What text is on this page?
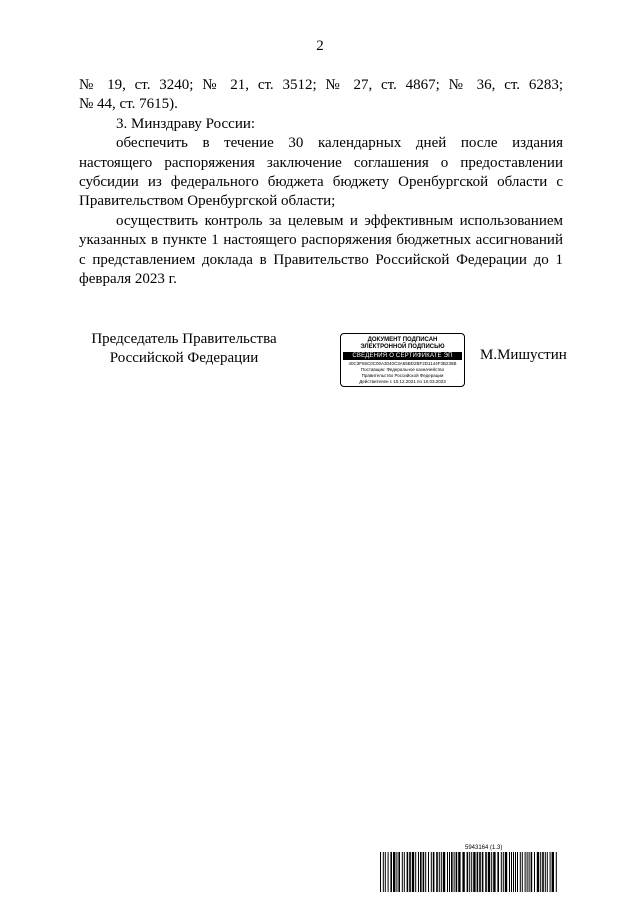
2

№ 19, ст. 3240; № 21, ст. 3512; № 27, ст. 4867; № 36, ст. 6283;

№ 44, ст. 7615).

3. Минздраву России:

обеспечить в течение 30 календарных дней после издания настоящего распоряжения заключение соглашения о предоставлении субсидии из федерального бюджета бюджету Оренбургской области с Правительством Оренбургской области;

осуществить контроль за целевым и эффективным использованием указанных в пункте 1 настоящего распоряжения бюджетных ассигнований с представлением доклада в Правительство Российской Федерации до 1 февраля 2023 г.

Председатель Правительства
Российской Федерации
ДОКУМЕНТ ПОДПИСАН
ЭЛЕКТРОННОЙ ПОДПИСЬЮ
СВЕДЕНИЯ О СЕРТИФИКАТЕ ЭП
40C3F65C0C00A3040C3A65BD2BF2D1144F3B236B
Поставщик: Федеральное казначейство
Правительство Российской Федерации
Действителен с 10.12.2021 по 10.03.2023
М.Мишустин
5943164 (1.3)
